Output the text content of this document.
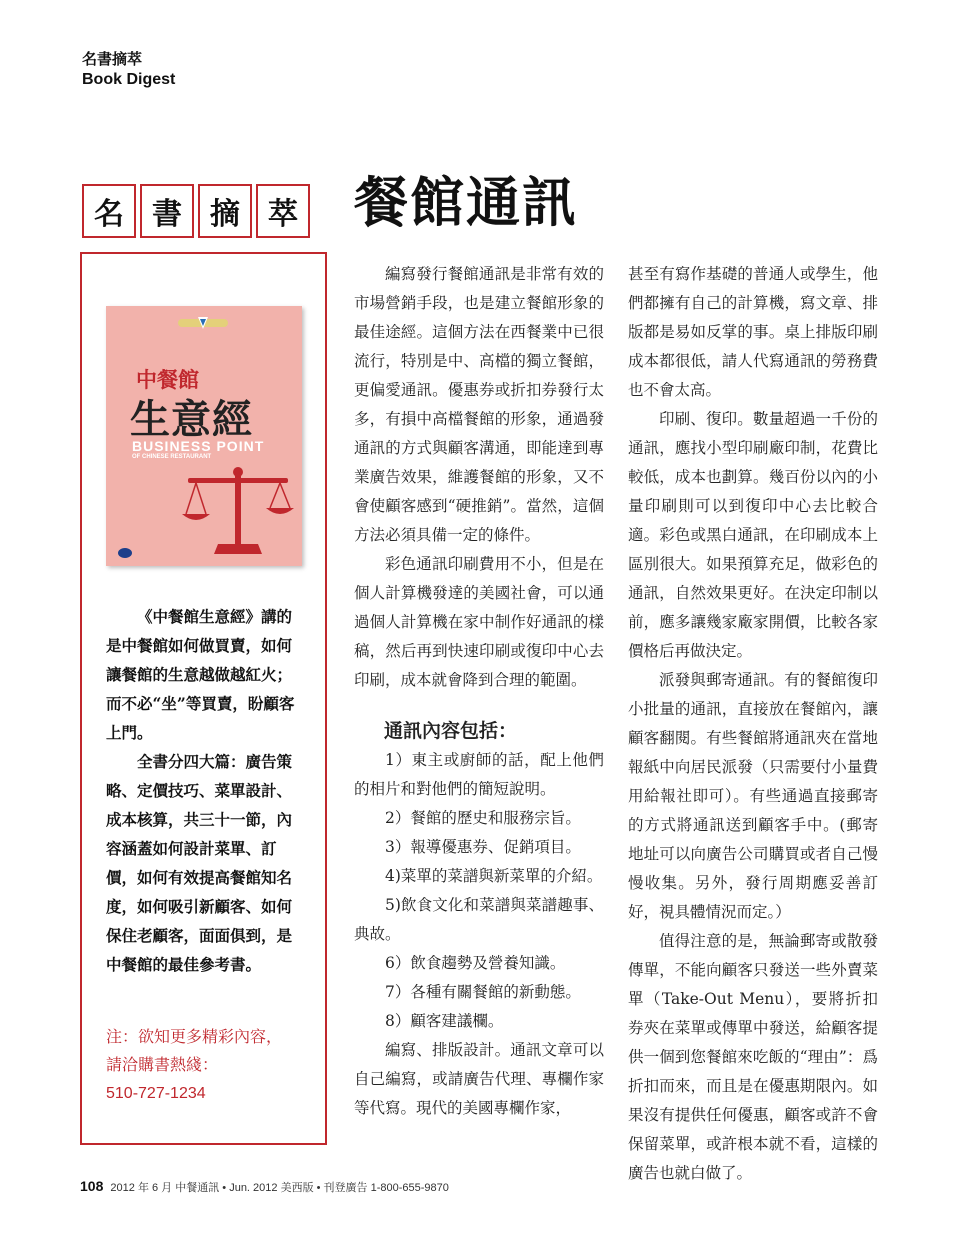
名書摘萃
Book Digest
名 書 摘 萃 餐館通訊
中餐館
生意經
BUSINESS POINT
OF CHINESE RESTAURANT

《中餐館生意經》講的是中餐館如何做買賣，如何讓餐館的生意越做越紅火；而不必“坐”等買賣，盼顧客上門。

全書分四大篇：廣告策略、定價技巧、菜單設計、成本核算，共三十一節，內容涵蓋如何設計菜單、訂價，如何有效提高餐館知名度，如何吸引新顧客、如何保住老顧客，面面俱到，是中餐館的最佳參考書。

注：欲知更多精彩內容，
請洽購書熱綫：
510-727-1234

編寫發行餐館通訊是非常有效的市場營銷手段，也是建立餐館形象的最佳途經。這個方法在西餐業中已很流行，特別是中、高檔的獨立餐館，更偏愛通訊。優惠券或折扣券發行太多，有損中高檔餐館的形象，通過發通訊的方式與顧客溝通，即能達到專業廣告效果，維護餐館的形象，又不會使顧客感到“硬推銷”。當然，這個方法必須具備一定的條件。

彩色通訊印刷費用不小，但是在個人計算機發達的美國社會，可以通過個人計算機在家中制作好通訊的樣稿，然后再到快速印刷或復印中心去印刷，成本就會降到合理的範圍。

通訊內容包括：

1）東主或廚師的話，配上他們的相片和對他們的簡短說明。

2）餐館的歷史和服務宗旨。

3）報導優惠券、促銷項目。

4)菜單的菜譜與新菜單的介紹。

5)飲食文化和菜譜與菜譜趣事、典故。

6）飲食趨勢及營養知識。

7）各種有關餐館的新動態。

8）顧客建議欄。

編寫、排版設計。通訊文章可以自己編寫，或請廣告代理、專欄作家等代寫。現代的美國專欄作家，

甚至有寫作基礎的普通人或學生，他們都擁有自己的計算機，寫文章、排版都是易如反掌的事。桌上排版印刷成本都很低，請人代寫通訊的勞務費也不會太高。

印刷、復印。數量超過一千份的通訊，應找小型印刷廠印制，花費比較低，成本也劃算。幾百份以內的小量印刷則可以到復印中心去比較合適。彩色或黑白通訊，在印刷成本上區別很大。如果預算充足，做彩色的通訊，自然效果更好。在決定印制以前，應多讓幾家廠家開價，比較各家價格后再做決定。

派發與郵寄通訊。有的餐館復印小批量的通訊，直接放在餐館內，讓顧客翻閱。有些餐館將通訊夾在當地報紙中向居民派發（只需要付小量費用給報社即可）。有些通過直接郵寄的方式將通訊送到顧客手中。(郵寄地址可以向廣告公司購買或者自己慢慢收集。另外，發行周期應妥善訂好，視具體情況而定。）

值得注意的是，無論郵寄或散發傳單，不能向顧客只發送一些外賣菜單（Take-Out Menu），要將折扣券夾在菜單或傳單中發送，給顧客提供一個到您餐館來吃飯的“理由”：爲折扣而來，而且是在優惠期限內。如果沒有提供任何優惠，顧客或許不會保留菜單，或許根本就不看，這樣的廣告也就白做了。

108 2012 年 6 月 中餐通訊 • Jun. 2012 美西版 • 刊登廣告 1-800-655-9870
